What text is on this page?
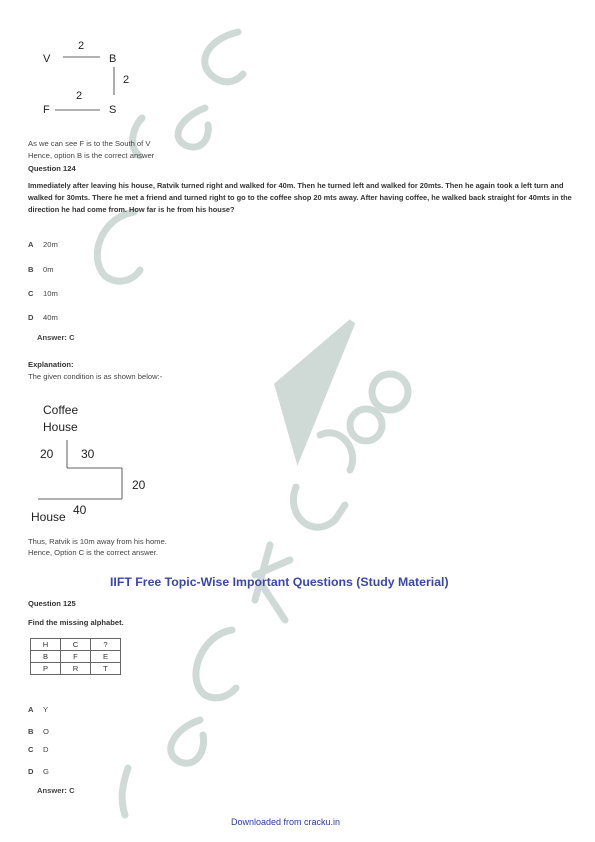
V
2
B
2
2
F	S
As we can see F is to the South of V
Hence, option B is the correct answer
Question 124
Immediately after leaving his house, Ratvik turned right and walked for 40m. Then he turned left and walked for 20mts. Then he again took a left turn and walked for 30mts. There he met a friend and turned right to go to the coffee shop 20 mts away. After having coffee, he walked back straight for 40mts in the direction he had come from. How far is he from his house?
A 20m
B 0m
C 10m
D 40m
Answer: C
Explanation:
The given condition is as shown below:-
Coffee
House
20 30
20
40
House
Thus, Ratvik is 10m away from his home.
Hence, Option C is the correct answer.
IIFT Free Topic-Wise Important Questions (Study Material)
Question 125
Find the missing alphabet.
H	C	?
B	F	E
P	R	T
A Y
B O
C D
D G
Answer: C
Downloaded from cracku.in
